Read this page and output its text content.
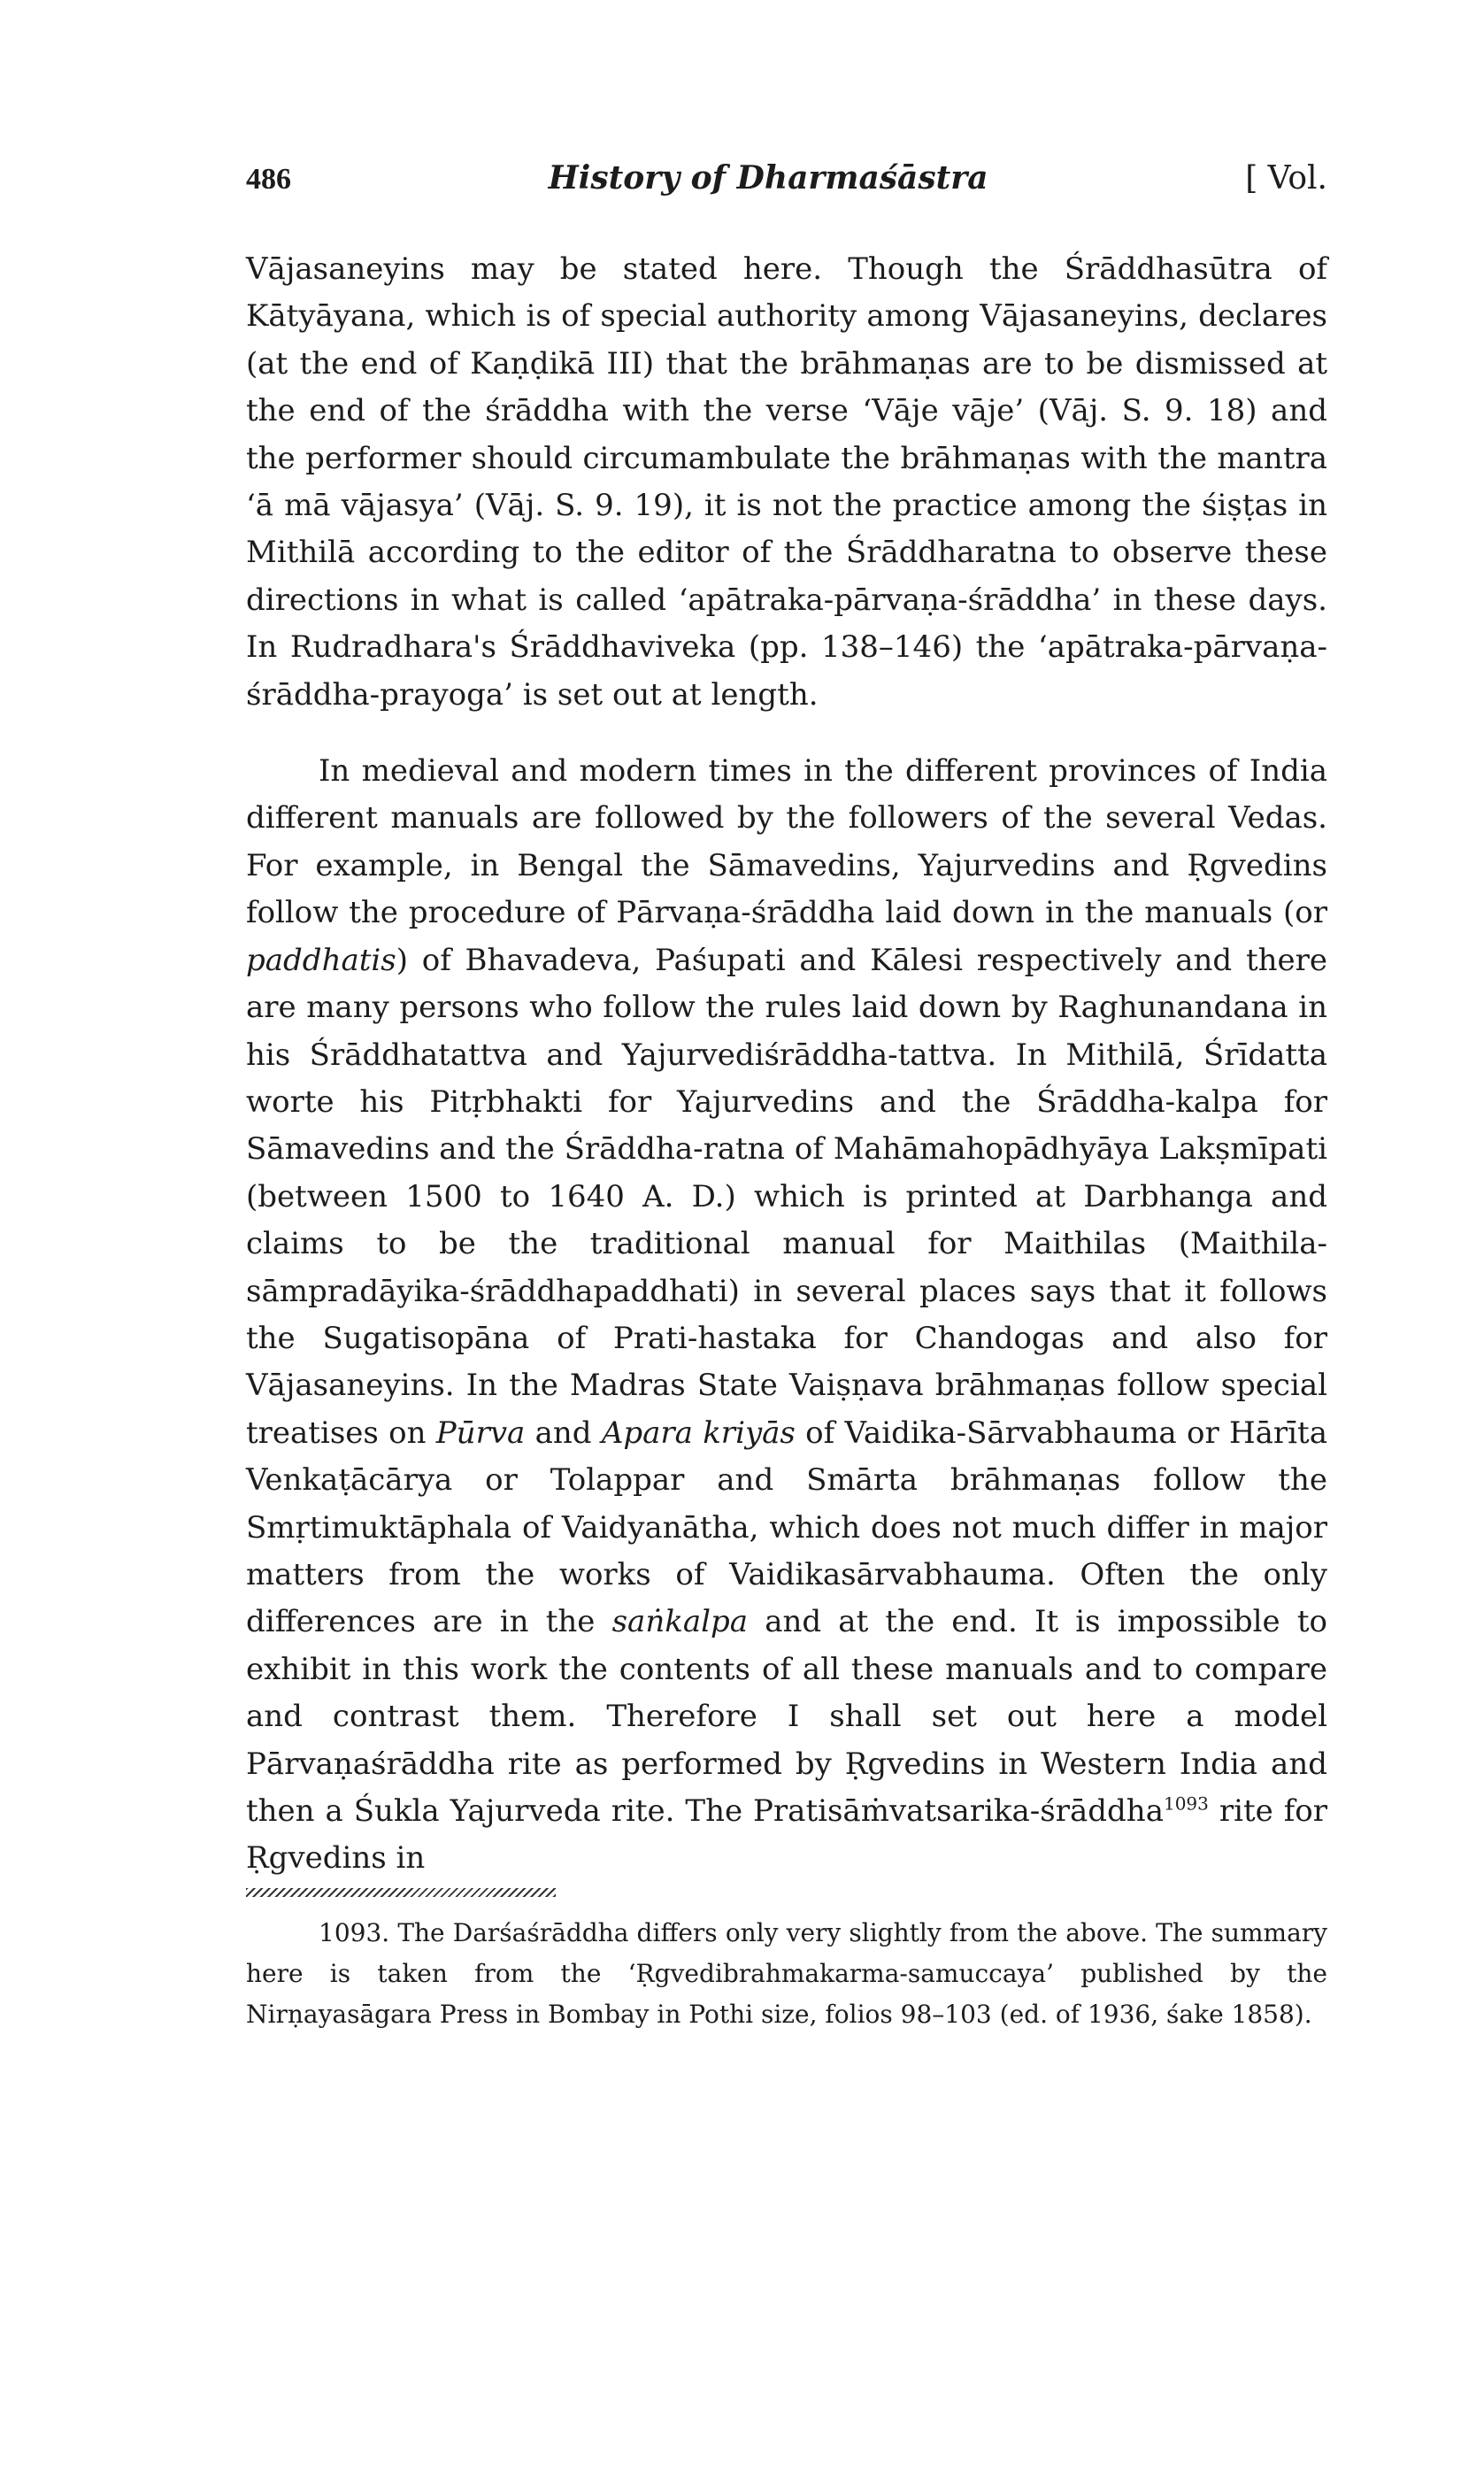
486	History of Dharmaśāstra	[ Vol.

Vājasaneyins may be stated here. Though the Śrāddhasūtra of Kātyāyana, which is of special authority among Vājasaneyins, declares (at the end of Kaṇḍikā III) that the brāhmaṇas are to be dismissed at the end of the śrāddha with the verse ‘Vāje vāje’ (Vāj. S. 9. 18) and the performer should circumambulate the brāhmaṇas with the mantra ‘ā mā vājasya’ (Vāj. S. 9. 19), it is not the practice among the śiṣṭas in Mithilā according to the editor of the Śrāddharatna to observe these directions in what is called ‘apātraka-pārvaṇa-śrāddha’ in these days. In Rudradhara's Śrāddhaviveka (pp. 138–146) the ‘apātraka-pārvaṇa-śrāddha-prayoga’ is set out at length.

In medieval and modern times in the different provinces of India different manuals are followed by the followers of the several Vedas. For example, in Bengal the Sāmavedins, Yajurvedins and Ṛgvedins follow the procedure of Pārvaṇa-śrāddha laid down in the manuals (or paddhatis) of Bhavadeva, Paśupati and Kālesi respectively and there are many persons who follow the rules laid down by Raghunandana in his Śrāddhatattva and Yajurvediśrāddha-tattva. In Mithilā, Śrīdatta worte his Pitṛbhakti for Yajurvedins and the Śrāddha-kalpa for Sāmavedins and the Śrāddha-ratna of Mahāmahopādhyāya Lakṣmīpati (between 1500 to 1640 A. D.) which is printed at Darbhanga and claims to be the traditional manual for Maithilas (Maithila-sāmpradāyika-śrāddhapaddhati) in several places says that it follows the Sugatisopāna of Prati-hastaka for Chandogas and also for Vājasaneyins. In the Madras State Vaiṣṇava brāhmaṇas follow special treatises on Pūrva and Apara kriyās of Vaidika-Sārvabhauma or Hārīta Venkaṭācārya or Tolappar and Smārta brāhmaṇas follow the Smṛtimuktāphala of Vaidyanātha, which does not much differ in major matters from the works of Vaidikasārvabhauma. Often the only differences are in the saṅkalpa and at the end. It is impossible to exhibit in this work the contents of all these manuals and to compare and contrast them. Therefore I shall set out here a model Pārvaṇaśrāddha rite as performed by Ṛgvedins in Western India and then a Śukla Yajurveda rite. The Pratisāṁvatsarika-śrāddha$^{1093}$ rite for Ṛgvedins in

1093. The Darśaśrāddha differs only very slightly from the above. The summary here is taken from the ‘Ṛgvedibrahmakarma-samuccaya’ published by the Nirṇayasāgara Press in Bombay in Pothi size, folios 98–103 (ed. of 1936, śake 1858).
